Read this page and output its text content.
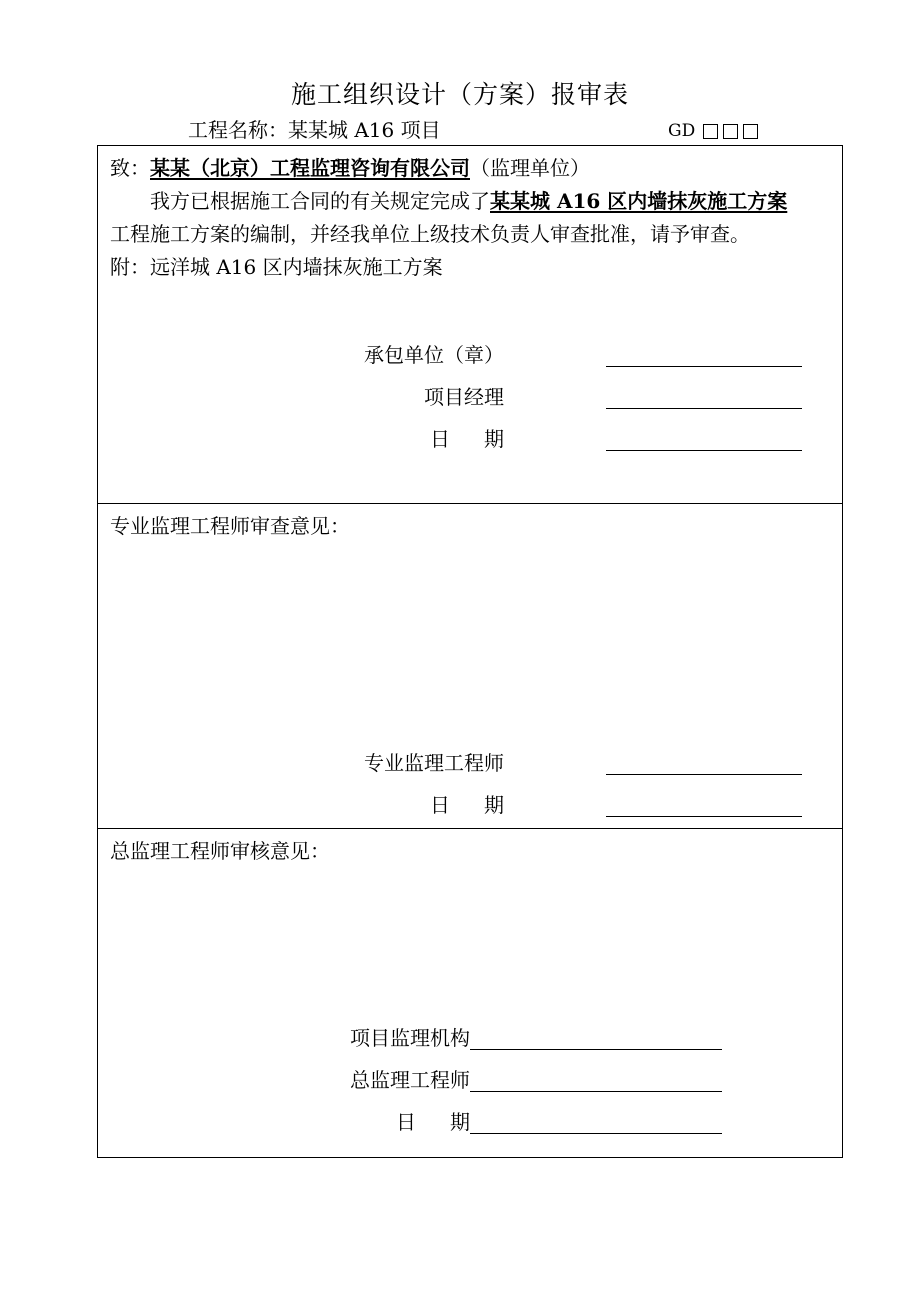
施工组织设计（方案）报审表
工程名称：某某城 A16 项目	GD
致：某某（北京）工程监理咨询有限公司（监理单位）
我方已根据施工合同的有关规定完成了某某城 A16 区内墙抹灰施工方案
工程施工方案的编制，并经我单位上级技术负责人审查批准，请予审查。
附：远洋城 A16 区内墙抹灰施工方案
承包单位（章）
项目经理
日 期
专业监理工程师审查意见：
专业监理工程师
日 期
总监理工程师审核意见：
项目监理机构
总监理工程师
日 期
